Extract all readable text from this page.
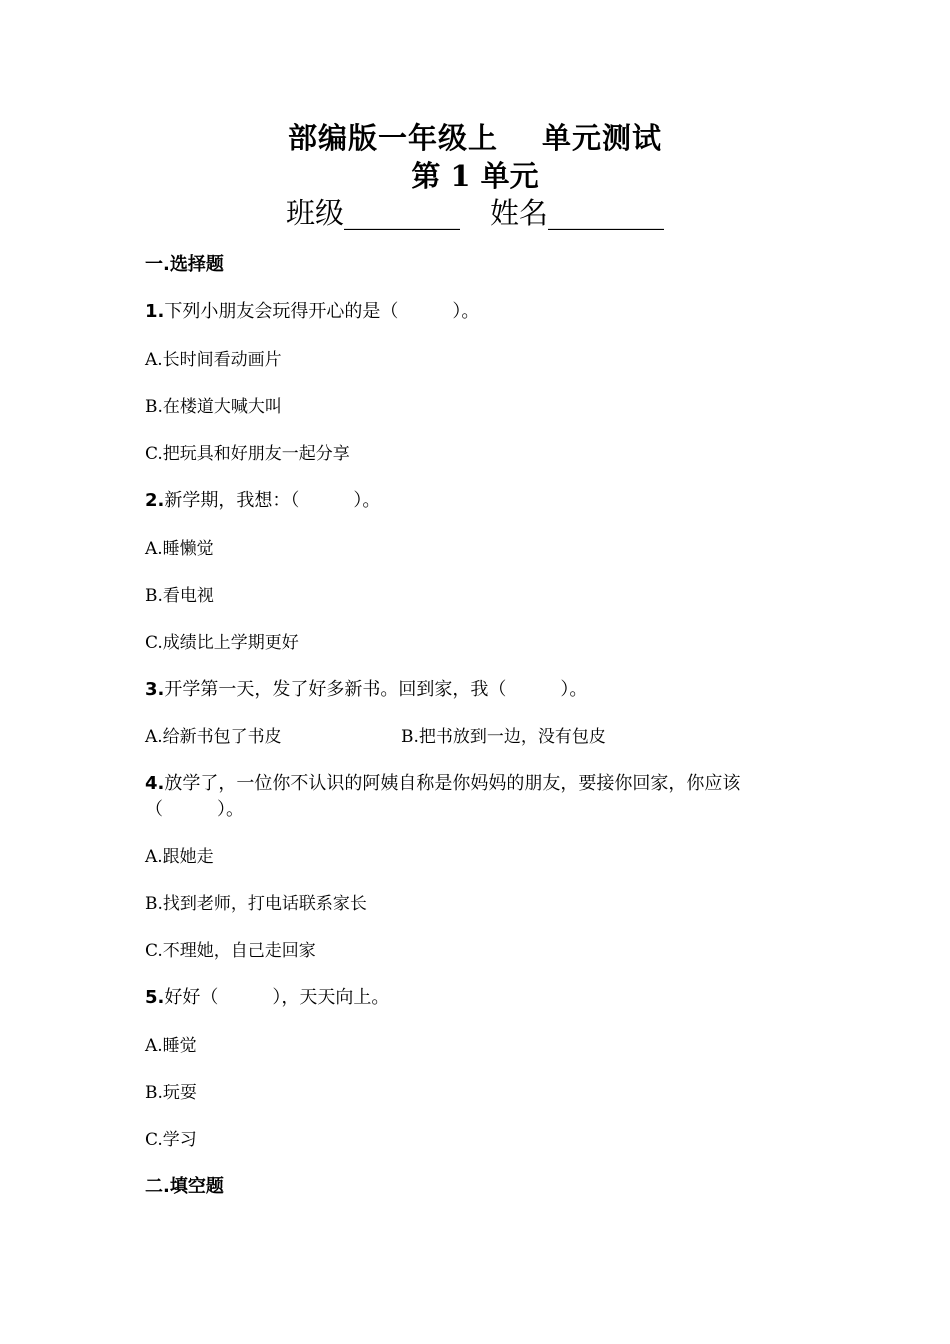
部编版一年级上 单元测试
第 1 单元
班级________ 姓名________
一.选择题
1.下列小朋友会玩得开心的是（　　　）。
A.长时间看动画片
B.在楼道大喊大叫
C.把玩具和好朋友一起分享
2.新学期，我想：（　　　）。
A.睡懒觉
B.看电视
C.成绩比上学期更好
3.开学第一天，发了好多新书。回到家，我（　　　）。
A.给新书包了书皮	B.把书放到一边，没有包皮
4.放学了，一位你不认识的阿姨自称是你妈妈的朋友，要接你回家，你应该
（　　　）。
A.跟她走
B.找到老师，打电话联系家长
C.不理她，自己走回家
5.好好（　　　），天天向上。
A.睡觉
B.玩耍
C.学习
二.填空题
